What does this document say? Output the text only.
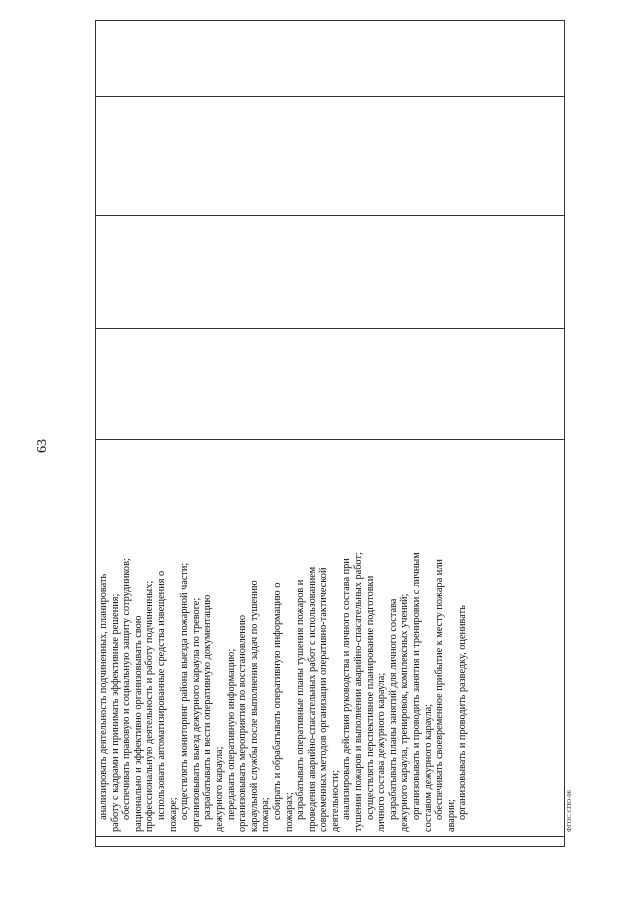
63

анализировать деятельность подчиненных, планировать работу с кадрами и принимать эффективные решения; обеспечивать правовую и социальную защиту сотрудников; рационально и эффективно организовывать свою профессиональную деятельность и работу подчиненных; использовать автоматизированные средства извещения о пожаре; осуществлять мониторинг района выезда пожарной части; организовывать выезд дежурного караула по тревоге; разрабатывать и вести оперативную документацию дежурного караула; передавать оперативную информацию; организовывать мероприятия по восстановлению караульной службы после выполнения задач по тушению пожара; собирать и обрабатывать оперативную информацию о пожарах; разрабатывать оперативные планы тушения пожаров и проведения аварийно-спасательных работ с использованием современных методов организации оперативно-тактической деятельности; анализировать действия руководства и личного состава при тушении пожаров и выполнении аварийно-спасательных работ; осуществлять перспективное планирование подготовки личного состава дежурного караула; разрабатывать планы занятий для личного состава дежурного караула, тренировок, комплексных учений; организовывать и проводить занятия и тренировки с личным составом дежурного караула; обеспечивать своевременное прибытие к месту пожара или аварии; организовывать и проводить разведку, оценивать
					ФГОС СПО-06
